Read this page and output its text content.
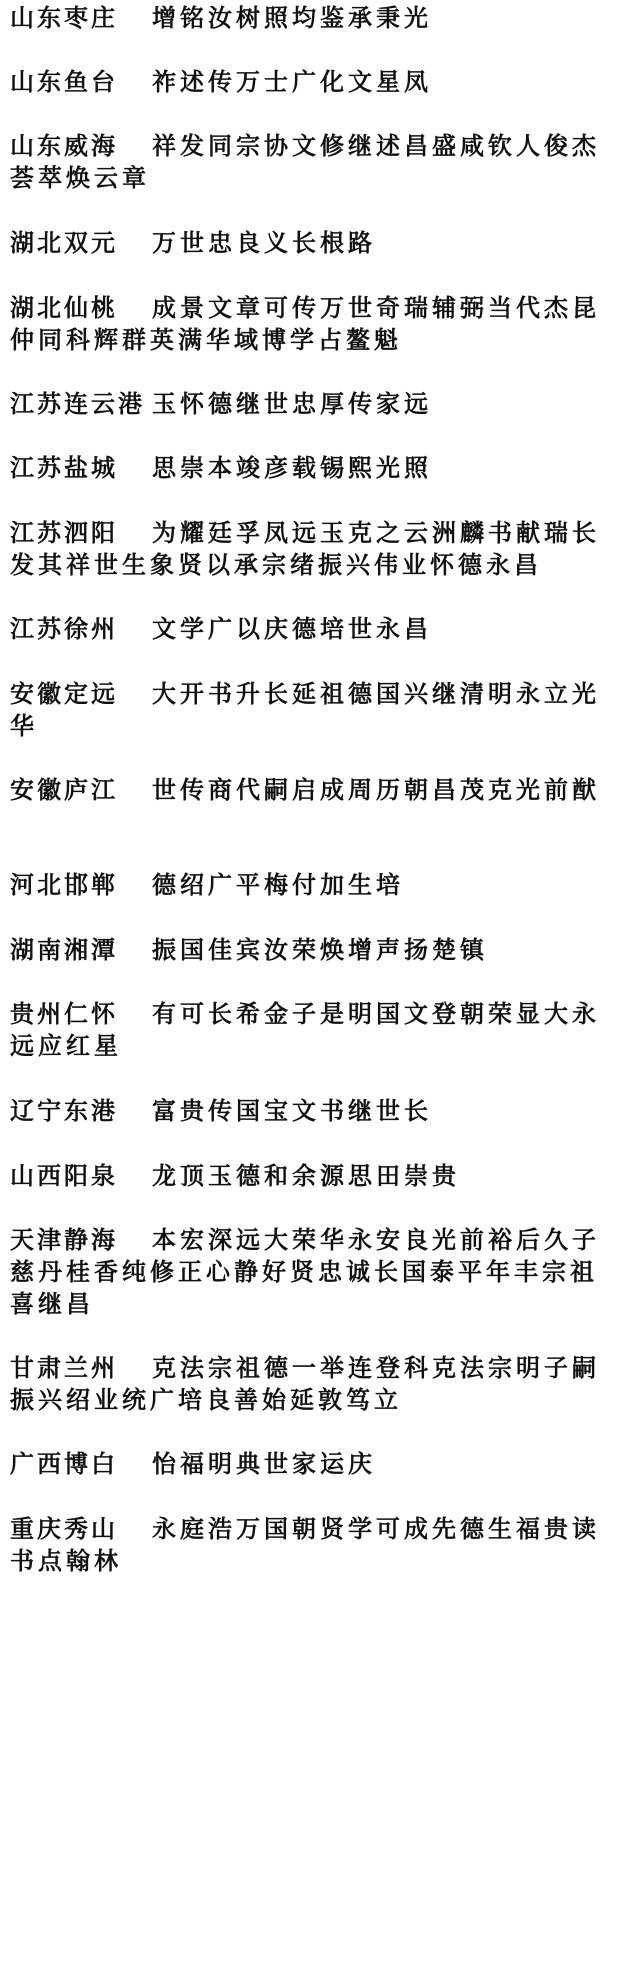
山东枣庄 增铭汝树照均鉴承秉光
山东鱼台 祚述传万士广化文星凤
山东威海 祥发同宗协文修继述昌盛咸钦人俊杰荟萃焕云章
湖北双元 万世忠良义长根路
湖北仙桃 成景文章可传万世奇瑞辅弼当代杰昆仲同科辉群英满华域博学占鳌魁
江苏连云港 玉怀德继世忠厚传家远
江苏盐城 思崇本竣彦载锡熙光照
江苏泗阳 为耀廷孚凤远玉克之云洲麟书献瑞长发其祥世生象贤以承宗绪振兴伟业怀德永昌
江苏徐州 文学广以庆德培世永昌
安徽定远 大开书升长延祖德国兴继清明永立光华
安徽庐江 世传商代嗣启成周历朝昌茂克光前猷
河北邯郸 德绍广平梅付加生培
湖南湘潭 振国佳宾汝荣焕增声扬楚镇
贵州仁怀 有可长希金子是明国文登朝荣显大永远应红星
辽宁东港 富贵传国宝文书继世长
山西阳泉 龙顶玉德和余源思田崇贵
天津静海 本宏深远大荣华永安良光前裕后久子慈丹桂香纯修正心静好贤忠诚长国泰平年丰宗祖喜继昌
甘肃兰州 克法宗祖德一举连登科克法宗明子嗣振兴绍业统广培良善始延敦笃立
广西博白 怡福明典世家运庆
重庆秀山 永庭浩万国朝贤学可成先德生福贵读书点翰林
